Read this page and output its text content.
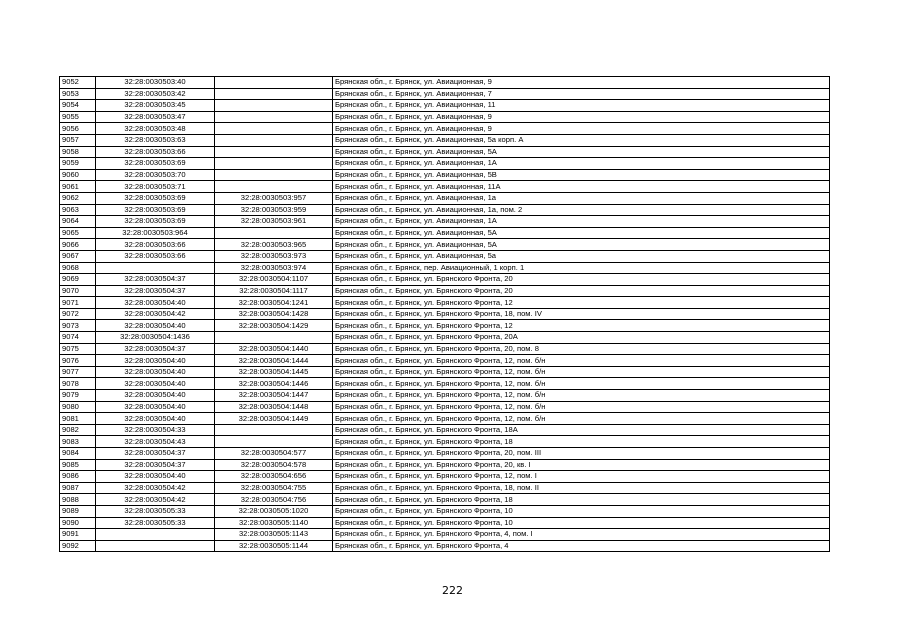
9052	32:28:0030503:40		Брянская обл., г. Брянск, ул. Авиационная, 9
9053	32:28:0030503:42		Брянская обл., г. Брянск, ул. Авиационная, 7
9054	32:28:0030503:45		Брянская обл., г. Брянск, ул. Авиационная, 11
9055	32:28:0030503:47		Брянская обл., г. Брянск, ул. Авиационная, 9
9056	32:28:0030503:48		Брянская обл., г. Брянск, ул. Авиационная, 9
9057	32:28:0030503:63		Брянская обл., г. Брянск, ул. Авиационная, 5а корп. А
9058	32:28:0030503:66		Брянская обл., г. Брянск, ул. Авиационная, 5А
9059	32:28:0030503:69		Брянская обл., г. Брянск, ул. Авиационная, 1А
9060	32:28:0030503:70		Брянская обл., г. Брянск, ул. Авиационная, 5В
9061	32:28:0030503:71		Брянская обл., г. Брянск, ул. Авиационная, 11А
9062	32:28:0030503:69	32:28:0030503:957	Брянская обл., г. Брянск, ул. Авиационная, 1а
9063	32:28:0030503:69	32:28:0030503:959	Брянская обл., г. Брянск, ул. Авиационная, 1а, пом. 2
9064	32:28:0030503:69	32:28:0030503:961	Брянская обл., г. Брянск, ул. Авиационная, 1А
9065	32:28:0030503:964		Брянская обл., г. Брянск, ул. Авиационная, 5А
9066	32:28:0030503:66	32:28:0030503:965	Брянская обл., г. Брянск, ул. Авиационная, 5А
9067	32:28:0030503:66	32:28:0030503:973	Брянская обл., г. Брянск, ул. Авиационная, 5а
9068		32:28:0030503:974	Брянская обл., г. Брянск, пер. Авиационный, 1 корп. 1
9069	32:28:0030504:37	32:28:0030504:1107	Брянская обл., г. Брянск, ул. Брянского Фронта, 20
9070	32:28:0030504:37	32:28:0030504:1117	Брянская обл., г. Брянск, ул. Брянского Фронта, 20
9071	32:28:0030504:40	32:28:0030504:1241	Брянская обл., г. Брянск, ул. Брянского Фронта, 12
9072	32:28:0030504:42	32:28:0030504:1428	Брянская обл., г. Брянск, ул. Брянского Фронта, 18, пом. IV
9073	32:28:0030504:40	32:28:0030504:1429	Брянская обл., г. Брянск, ул. Брянского Фронта, 12
9074	32:28:0030504:1436		Брянская обл., г. Брянск, ул. Брянского Фронта, 20А
9075	32:28:0030504:37	32:28:0030504:1440	Брянская обл., г. Брянск, ул. Брянского Фронта, 20, пом. 8
9076	32:28:0030504:40	32:28:0030504:1444	Брянская обл., г. Брянск, ул. Брянского Фронта, 12, пом. б/н
9077	32:28:0030504:40	32:28:0030504:1445	Брянская обл., г. Брянск, ул. Брянского Фронта, 12, пом. б/н
9078	32:28:0030504:40	32:28:0030504:1446	Брянская обл., г. Брянск, ул. Брянского Фронта, 12, пом. б/н
9079	32:28:0030504:40	32:28:0030504:1447	Брянская обл., г. Брянск, ул. Брянского Фронта, 12, пом. б/н
9080	32:28:0030504:40	32:28:0030504:1448	Брянская обл., г. Брянск, ул. Брянского Фронта, 12, пом. б/н
9081	32:28:0030504:40	32:28:0030504:1449	Брянская обл., г. Брянск, ул. Брянского Фронта, 12, пом. б/н
9082	32:28:0030504:33		Брянская обл., г. Брянск, ул. Брянского Фронта, 18А
9083	32:28:0030504:43		Брянская обл., г. Брянск, ул. Брянского Фронта, 18
9084	32:28:0030504:37	32:28:0030504:577	Брянская обл., г. Брянск, ул. Брянского Фронта, 20, пом. III
9085	32:28:0030504:37	32:28:0030504:578	Брянская обл., г. Брянск, ул. Брянского Фронта, 20, кв. I
9086	32:28:0030504:40	32:28:0030504:656	Брянская обл., г. Брянск, ул. Брянского Фронта, 12, пом. I
9087	32:28:0030504:42	32:28:0030504:755	Брянская обл., г. Брянск, ул. Брянского Фронта, 18, пом. II
9088	32:28:0030504:42	32:28:0030504:756	Брянская обл., г. Брянск, ул. Брянского Фронта, 18
9089	32:28:0030505:33	32:28:0030505:1020	Брянская обл., г. Брянск, ул. Брянского Фронта, 10
9090	32:28:0030505:33	32:28:0030505:1140	Брянская обл., г. Брянск, ул. Брянского Фронта, 10
9091		32:28:0030505:1143	Брянская обл., г. Брянск, ул. Брянского Фронта, 4, пом. I
9092		32:28:0030505:1144	Брянская обл., г. Брянск, ул. Брянского Фронта, 4
222
